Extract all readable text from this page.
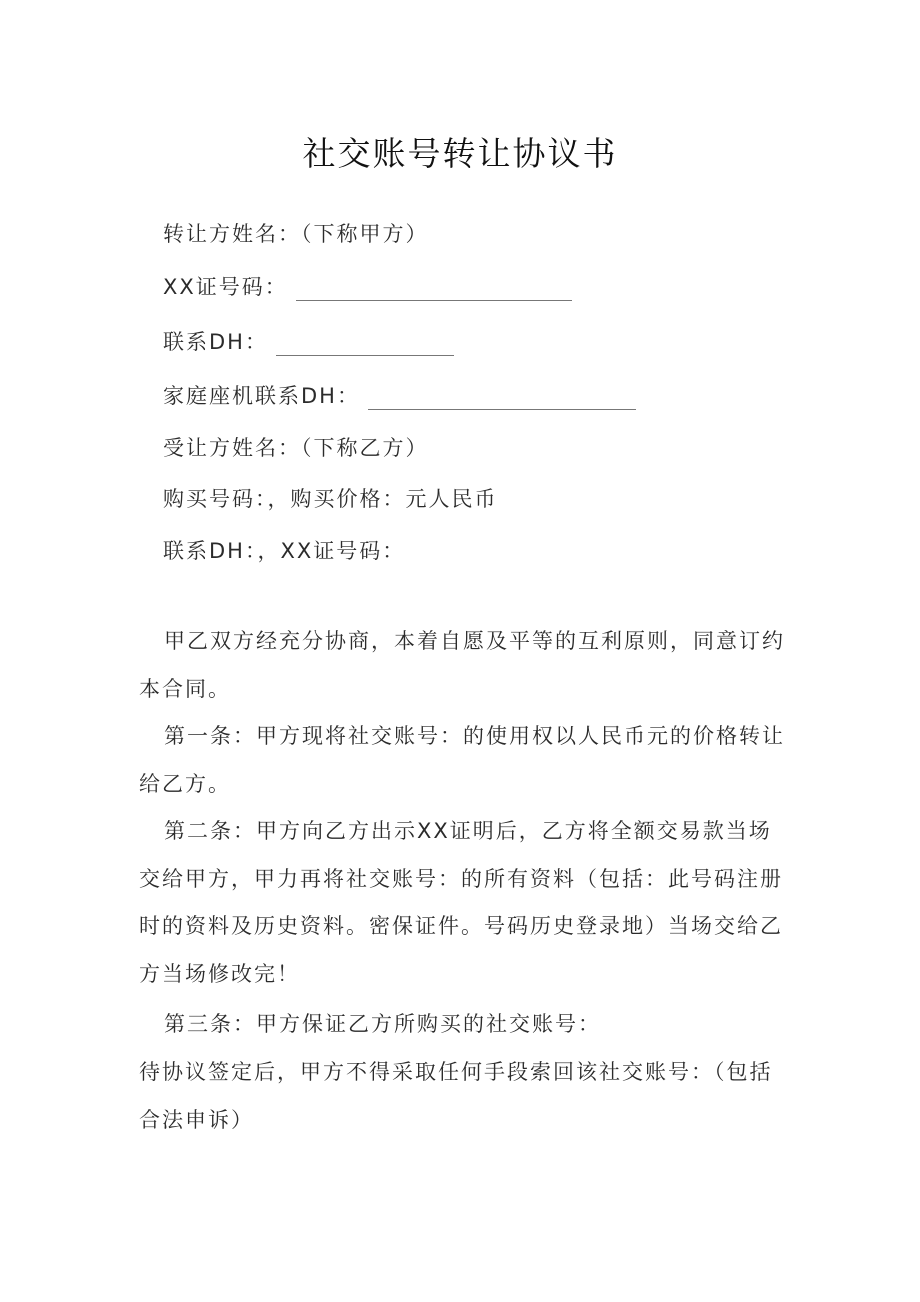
社交账号转让协议书
转让方姓名：（下称甲方）
XX证号码：
联系DH：
家庭座机联系DH：
受让方姓名：（下称乙方）
购买号码：，购买价格：元人民币
联系DH：，XX证号码：
甲乙双方经充分协商，本着自愿及平等的互利原则，同意订约本合同。
第一条：甲方现将社交账号：的使用权以人民币元的价格转让给乙方。
第二条：甲方向乙方出示XX证明后，乙方将全额交易款当场交给甲方，甲力再将社交账号：的所有资料（包括：此号码注册时的资料及历史资料。密保证件。号码历史登录地）当场交给乙方当场修改完！
第三条：甲方保证乙方所购买的社交账号：
待协议签定后，甲方不得采取任何手段索回该社交账号：（包括合法申诉）
